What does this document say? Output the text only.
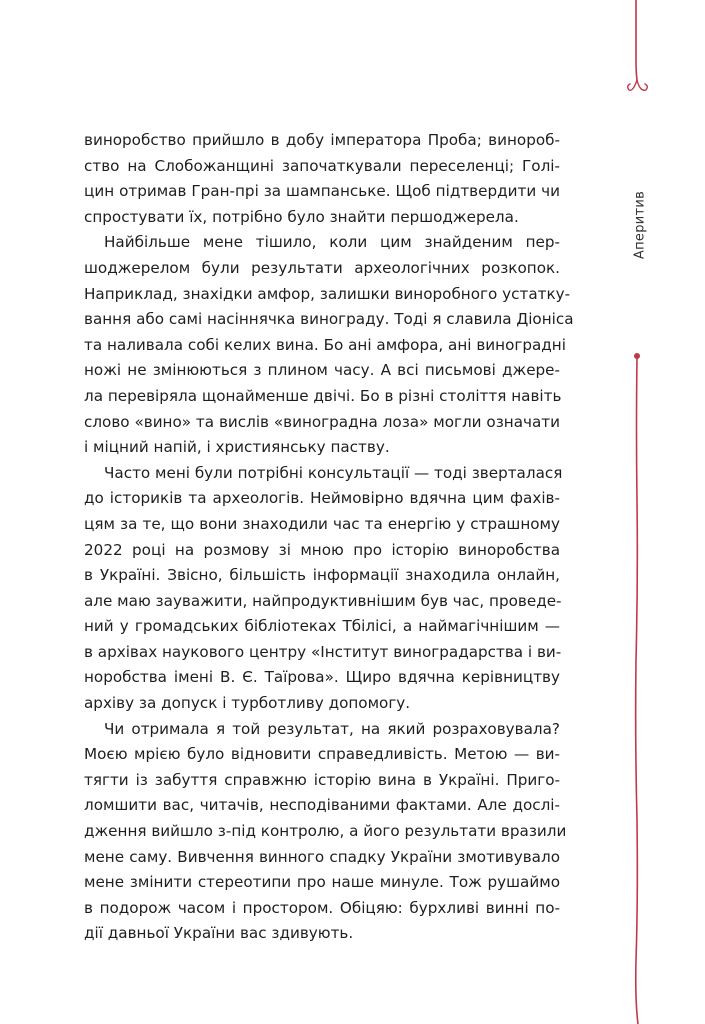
Аперитив
виноробство прийшло в добу імператора Проба; винороб-
ство на Слобожанщині започаткували переселенці; Голі-
цин отримав Гран-прі за шампанське. Щоб підтвердити чи
спростувати їх, потрібно було знайти першоджерела.
Найбільше мене тішило, коли цим знайденим пер-
шоджерелом були результати археологічних розкопок.
Наприклад, знахідки амфор, залишки виноробного устатку-
вання або самі насіннячка винограду. Тоді я славила Діоніса
та наливала собі келих вина. Бо ані амфора, ані виноградні
ножі не змінюються з плином часу. А всі письмові джере-
ла перевіряла щонайменше двічі. Бо в різні століття навіть
слово «вино» та вислів «виноградна лоза» могли означати
і міцний напій, і християнську паству.
Часто мені були потрібні консультації — тоді зверталася
до істориків та археологів. Неймовірно вдячна цим фахів-
цям за те, що вони знаходили час та енергію у страшному
2022 році на розмову зі мною про історію виноробства
в Україні. Звісно, більшість інформації знаходила онлайн,
але маю зауважити, найпродуктивнішим був час, проведе-
ний у громадських бібліотеках Тбілісі, а наймагічнішим —
в архівах наукового центру «Інститут виноградарства і ви-
норобства імені В. Є. Таїрова». Щиро вдячна керівництву
архіву за допуск і турботливу допомогу.
Чи отримала я той результат, на який розраховувала?
Моєю мрією було відновити справедливість. Метою — ви-
тягти із забуття справжню історію вина в Україні. Приго-
ломшити вас, читачів, несподіваними фактами. Але дослі-
дження вийшло з-під контролю, а його результати вразили
мене саму. Вивчення винного спадку України змотивувало
мене змінити стереотипи про наше минуле. Тож рушаймо
в подорож часом і простором. Обіцяю: бурхливі винні по-
дії давньої України вас здивують.
